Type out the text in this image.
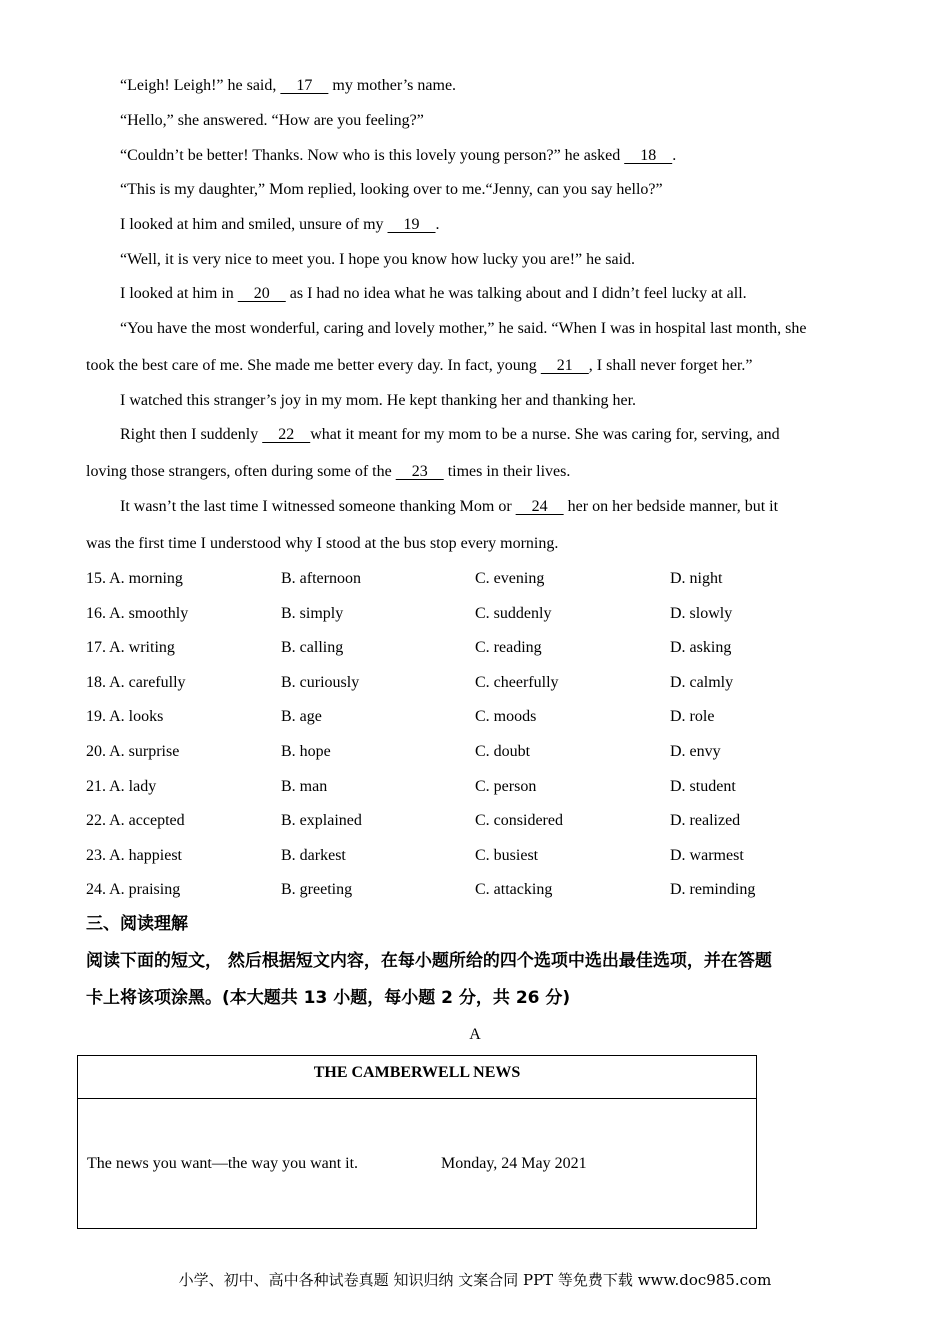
“Leigh! Leigh!” he said,     17     my mother’s name.
“Hello,” she answered. “How are you feeling?”
“Couldn’t be better! Thanks. Now who is this lovely young person?” he asked     18    .
“This is my daughter,” Mom replied, looking over to me.“Jenny, can you say hello?”
I looked at him and smiled, unsure of my     19    .
“Well, it is very nice to meet you. I hope you know how lucky you are!” he said.
I looked at him in     20     as I had no idea what he was talking about and I didn’t feel lucky at all.
“You have the most wonderful, caring and lovely mother,” he said. “When I was in hospital last month, she
took the best care of me. She made me better every day. In fact, young     21    , I shall never forget her.”
I watched this stranger’s joy in my mom. He kept thanking her and thanking her.
Right then I suddenly     22    what it meant for my mom to be a nurse. She was caring for, serving, and
loving those strangers, often during some of the     23     times in their lives.
It wasn’t the last time I witnessed someone thanking Mom or     24     her on her bedside manner, but it
was the first time I understood why I stood at the bus stop every morning.
15. A. morning	B. afternoon	C. evening	D. night
16. A. smoothly	B. simply	C. suddenly	D. slowly
17. A. writing	B. calling	C. reading	D. asking
18. A. carefully	B. curiously	C. cheerfully	D. calmly
19. A. looks	B. age	C. moods	D. role
20. A. surprise	B. hope	C. doubt	D. envy
21. A. lady	B. man	C. person	D. student
22. A. accepted	B. explained	C. considered	D. realized
23. A. happiest	B. darkest	C. busiest	D. warmest
24. A. praising	B. greeting	C. attacking	D. reminding
三、阅读理解
阅读下面的短文， 然后根据短文内容，在每小题所给的四个选项中选出最佳选项，并在答题
卡上将该项涂黑。(本大题共 13 小题，每小题 2 分，共 26 分)
A
THE CAMBERWELL NEWS
The news you want—the way you want it.	Monday, 24 May 2021
小学、初中、高中各种试卷真题 知识归纳 文案合同 PPT 等免费下载 www.doc985.com
